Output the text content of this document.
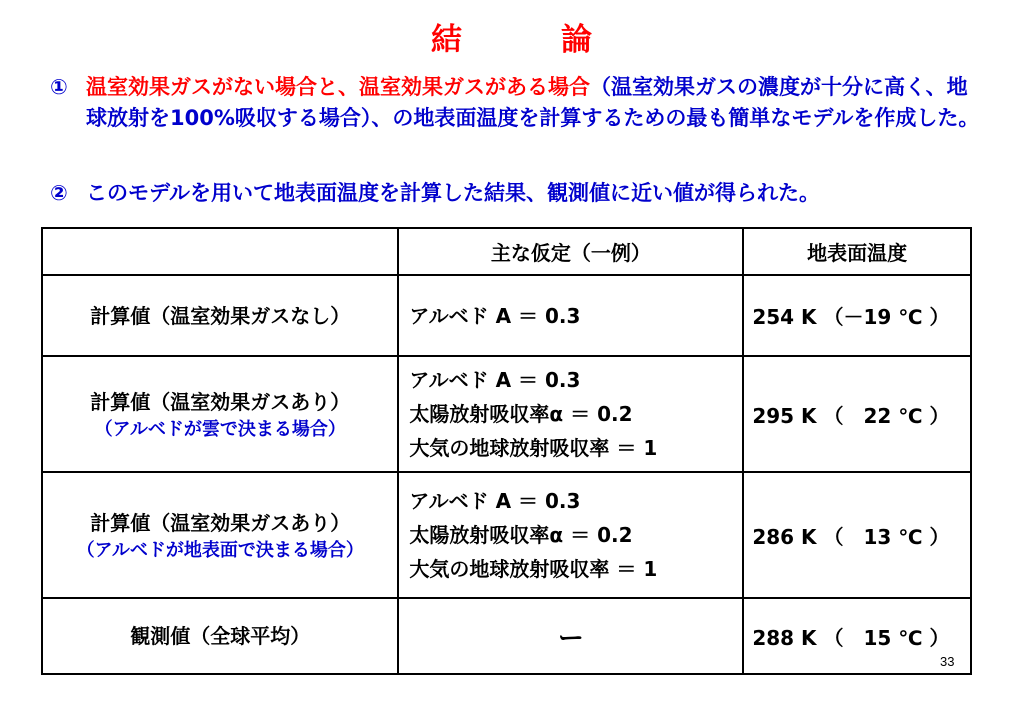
結　論
① 温室効果ガスがない場合と、温室効果ガスがある場合（温室効果ガスの濃度が十分に高く、地球放射を100%吸収する場合）、の地表面温度を計算するための最も簡単なモデルを作成した。
② このモデルを用いて地表面温度を計算した結果、観測値に近い値が得られた。
	主な仮定（一例）	地表面温度

計算値（温室効果ガスなし）	アルベド A ＝ 0.3	254 K （－19 ℃ ）

計算値（温室効果ガスあり）
（アルベドが雲で決まる場合）	アルベド A ＝ 0.3
太陽放射吸収率α ＝ 0.2
大気の地球放射吸収率 ＝ 1	295 K （　22 ℃ ）

計算値（温室効果ガスあり）
（アルベドが地表面で決まる場合）	アルベド A ＝ 0.3
太陽放射吸収率α ＝ 0.2
大気の地球放射吸収率 ＝ 1	286 K （　13 ℃ ）

観測値（全球平均）	ー	288 K （　15 ℃ ）
33
